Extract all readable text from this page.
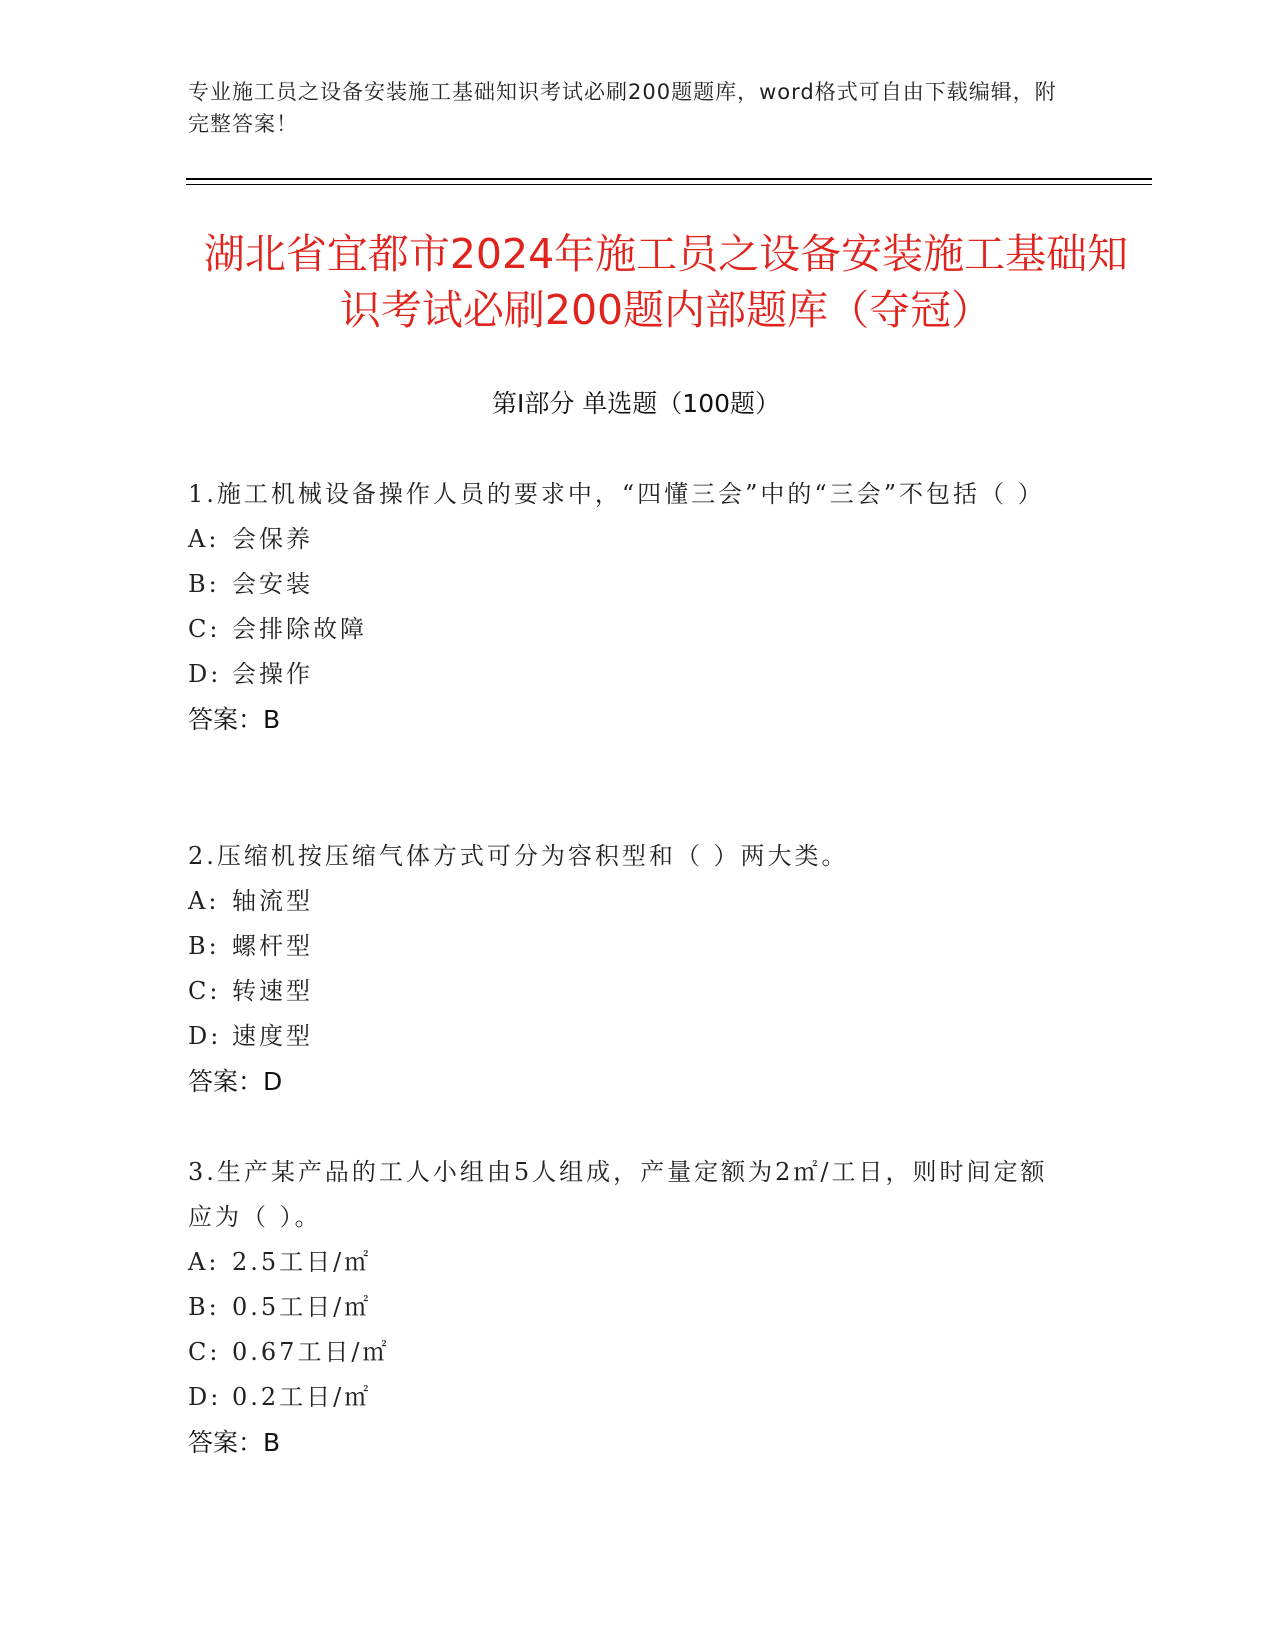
专业施工员之设备安装施工基础知识考试必刷200题题库，word格式可自由下载编辑，附完整答案！
湖北省宜都市2024年施工员之设备安装施工基础知识考试必刷200题内部题库（夺冠）
第I部分 单选题（100题）
1.施工机械设备操作人员的要求中，“四懂三会”中的“三会”不包括（ ）
A: 会保养
B: 会安装
C: 会排除故障
D: 会操作
答案：B
2.压缩机按压缩气体方式可分为容积型和（ ）两大类。
A: 轴流型
B: 螺杆型
C: 转速型
D: 速度型
答案：D
3.生产某产品的工人小组由5人组成，产量定额为2㎡/工日，则时间定额应为（ ）。
A: 2.5工日/㎡
B: 0.5工日/㎡
C: 0.67工日/㎡
D: 0.2工日/㎡
答案：B
